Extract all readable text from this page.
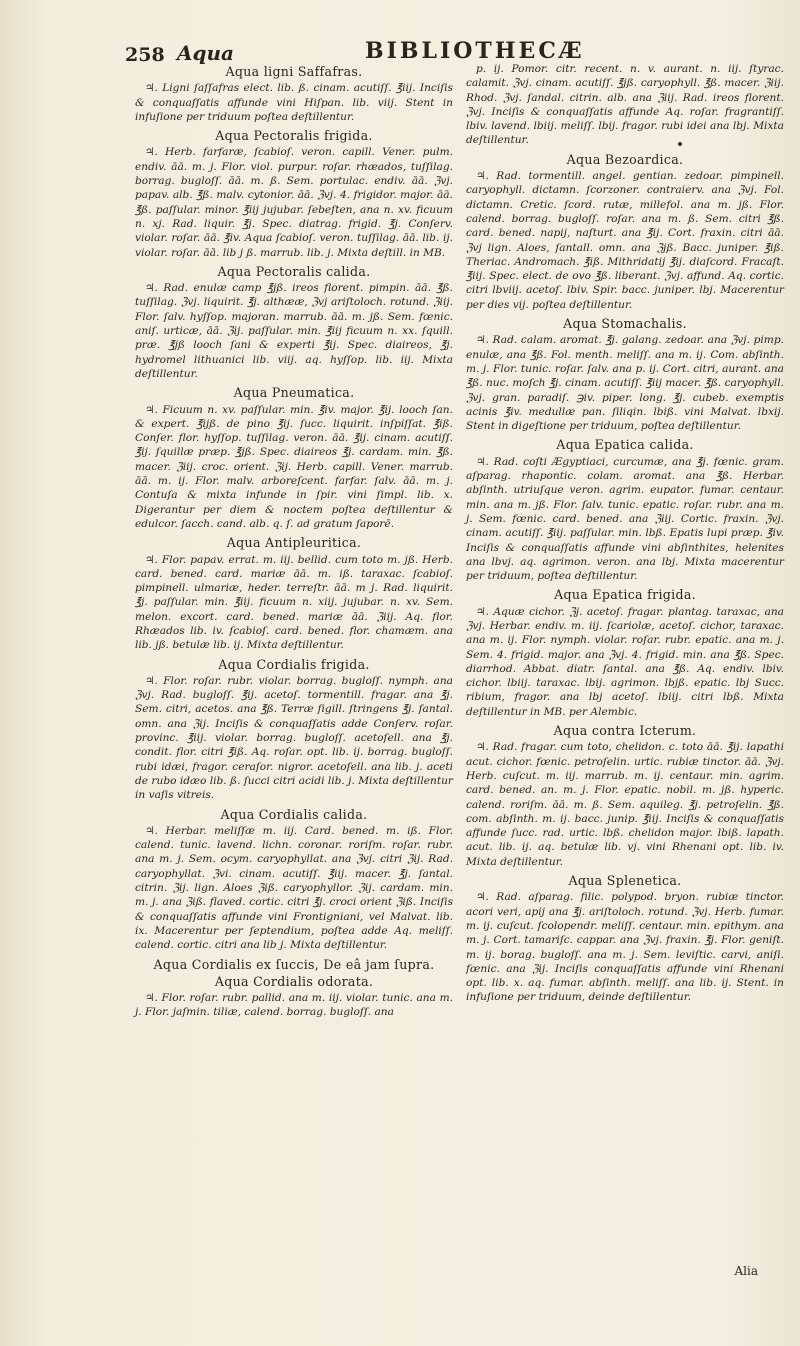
258 Aqua	BIBLIOTHECÆ
Aqua ligni Saffafras.

♃. Ligni ſaſſafras elect. lib. ß. cinam. acutiſſ. ℥iij. Inciſis & conquaſſatis affunde vini Hiſpan. lib. viij. Stent in infuſione per triduum poſtea deſtillentur.

Aqua Pectoralis frigida.

♃. Herb. farfaræ, ſcabioſ. veron. capill. Vener. pulm. endiv. āā. m. j. Flor. viol. purpur. roſar. rhæados, tuſſilag. borrag. bugloſſ. āā. m. ß. Sem. portulac. endiv. āā. ℨvj. papav. alb. ℥ß. malv. cytonior. āā. ℨvj. 4. frigidor. major. āā. ℥ß. paſſular. minor. ℥iij jujubar. ſebeſten, ana n. xv. ficuum n. xj. Rad. liquir. ℥j. Spec. diatrag. frigid. ℥j. Conſerv. violar. roſar. āā. ℥iv. Aqua ſcabioſ. veron. tuſſilag. āā. lib. ij. violar. roſar. āā. lib j ß. marrub. lib. j. Mixta deſtill. in MB.

Aqua Pectoralis calida.

♃. Rad. enulæ camp ℥jß. ireos florent. pimpin. āā. ℥ß. tuſſilag. ℨvj. liquirit. ℥j. althææ, ℨvj ariſtoloch. rotund. ℨiij. Flor. ſalv. hyſſop. majoran. marrub. āā. m. jß. Sem. fœnic. aniſ. urticæ, āā. ℨij. paſſular. min. ℥iij ficuum n. xx. ſquill. præ. ℥jß looch ſani & experti ℥ij. Spec. diaireos, ℥j. hydromel lithuanici lib. viij. aq. hyſſop. lib. iij. Mixta deſtillentur.

Aqua Pneumatica.

♃. Ficuum n. xv. paſſular. min. ℥iv. major. ℥ij. looch ſan. & expert. ℥ijß. de pino ℥ij. ſucc. liquirit. inſpiſſat. ℥iß. Conſer. flor. hyſſop. tuſſilag. veron. āā. ℥ij. cinam. acutiſſ. ℥ij. ſquillæ præp. ℥jß. Spec. diaireos ℥j. cardam. min. ℥ß. macer. ℨiij. croc. orient. ℨij. Herb. capill. Vener. marrub. āā. m. ij. Flor. malv. arboreſcent. farfar. ſalv. āā. m. j. Contuſa & mixta infunde in ſpir. vini ſimpl. lib. x. Digerantur per diem & noctem poſtea deſtillentur & edulcor. ſacch. cand. alb. q. ſ. ad gratum ſaporē.

Aqua Antipleuritica.

♃. Flor. papav. errat. m. iij. bellid. cum toto m. jß. Herb. card. bened. card. mariæ āā. m. iß. taraxac. ſcabioſ. pimpinell. ulmariæ, heder. terreſtr. āā. m j. Rad. liquirit. ℥j. paſſular. min. ℥iij. ficuum n. xiij. jujubar. n. xv. Sem. melon. excort. card. bened. mariæ āā. ℨiij. Aq. flor. Rhæados lib. iv. ſcabioſ. card. bened. flor. chamæm. ana lib. jß. betulæ lib. ij. Mixta deſtillentur.

Aqua Cordialis frigida.

♃. Flor. roſar. rubr. violar. borrag. bugloſſ. nymph. ana ℨvj. Rad. bugloſſ. ℥ij. acetoſ. tormentill. fragar. ana ℥j. Sem. citri, acetos. ana ℥ß. Terræ ſigill. ſtringens ℥j. ſantal. omn. ana ℨij. Inciſis & conquaſſatis adde Conſerv. roſar. provinc. ℥iij. violar. borrag. bugloſſ. acetoſell. ana ℥j. condit. flor. citri ℥iß. Aq. roſar. opt. lib. ij. borrag. bugloſſ. rubi idæi, fragor. ceraſor. nigror. acetoſell. ana lib. j. aceti de rubo idæo lib. ß. ſucci citri acidi lib. j. Mixta deſtillentur in vaſis vitreis.

Aqua Cordialis calida.

♃. Herbar. meliſſæ m. iij. Card. bened. m. iß. Flor. calend. tunic. lavend. lichn. coronar. roriſm. roſar. rubr. ana m. j. Sem. ocym. caryophyllat. ana ℨvj. citri ℨij. Rad. caryophyllat. ℨvi. cinam. acutiſſ. ℥iij. macer. ℥j. ſantal. citrin. ℨij. lign. Aloes ℨiß. caryophyllor. ℨij. cardam. min. m. j. ana ℨiß. flaved. cortic. citri ℥j. croci orient ℨiß. Inciſis & conquaſſatis affunde vini Frontigniani, vel Malvat. lib. ix. Macerentur per ſeptendium, poſtea adde Aq. meliſſ. calend. cortic. citri ana lib j. Mixta deſtillentur.

Aqua Cordialis ex ſuccis, De eâ jam ſupra.
Aqua Cordialis odorata.

♃. Flor. roſar. rubr. pallid. ana m. iij. violar. tunic. ana m. j. Flor. jaſmin. tiliæ, calend. borrag. bugloſſ. ana

p. ij. Pomor. citr. recent. n. v. aurant. n. iij. ſtyrac. calamit. ℨvj. cinam. acutiſſ. ℥jß. caryophyll. ℥ß. macer. ℨiij. Rhod. ℨvj. ſandal. citrin. alb. ana ℨiij. Rad. ireos florent. ℨvj. Inciſis & conquaſſatis affunde Aq. roſar. fragrantiſſ. lbiv. lavend. lbiij. meliſſ. lbij. fragor. rubi idei ana lbj. Mixta deſtillentur.

Aqua Bezoardica.

♃. Rad. tormentill. angel. gentian. zedoar. pimpinell. caryophyll. dictamn. ſcorzoner. contraierv. ana ℨvj. Fol. dictamn. Cretic. ſcord. rutæ, millefol. ana m. jß. Flor. calend. borrag. bugloſſ. roſar. ana m. ß. Sem. citri ℥ß. card. bened. napij, naſturt. ana ℥ij. Cort. fraxin. citri āā. ℨvj lign. Aloes, ſantall. omn. ana ℨjß. Bacc. juniper. ℥iß. Theriac. Andromach. ℥iß. Mithridatij ℥ij. diaſcord. Fracaſt. ℥iij. Spec. elect. de ovo ℥ß. liberant. ℨvj. affund. Aq. cortic. citri lbviij. acetoſ. lbiv. Spir. bacc. juniper. lbj. Macerentur per dies vij. poſtea deſtillentur.

Aqua Stomachalis.

♃. Rad. calam. aromat. ℥j. galang. zedoar. ana ℨvj. pimp. enulæ, ana ℥ß. Fol. menth. meliſſ. ana m. ij. Com. abſinth. m. j. Flor. tunic. roſar. ſalv. ana p. ij. Cort. citri, aurant. ana ℥ß. nuc. moſch ℥j. cinam. acutiſſ. ℥iij macer. ℥ß. caryophyll. ℨvj. gran. paradiſ. ℈iv. piper. long. ℥j. cubeb. exemptis acinis ℥iv. medullæ pan. ſiliqin. lbiß. vini Malvat. lbxij. Stent in digeſtione per triduum, poſtea deſtillentur.

Aqua Epatica calida.

♃. Rad. coſti Ægyptiaci, curcumæ, ana ℥j. fœnic. gram. aſparag. rhapontic. colam. aromat. ana ℥ß. Herbar. abſinth. utriuſque veron. agrim. eupator. fumar. centaur. min. ana m. jß. Flor. ſalv. tunic. epatic. roſar. rubr. ana m. j. Sem. fœnic. card. bened. ana ℨiij. Cortic. fraxin. ℨvj. cinam. acutiſſ. ℥iij. paſſular. min. lbß. Epatis lupi præp. ℥iv. Inciſis & conquaſſatis affunde vini abſinthites, helenites ana lbvj. aq. agrimon. veron. ana lbj. Mixta macerentur per triduum, poſtea deſtillentur.

Aqua Epatica frigida.

♃. Aquæ cichor. ℨj. acetoſ. fragar. plantag. taraxac, ana ℨvj. Herbar. endiv. m. iij. ſcariolæ, acetoſ. cichor, taraxac. ana m. ij. Flor. nymph. violar. roſar. rubr. epatic. ana m. j. Sem. 4. frigid. major. ana ℨvj. 4. frigid. min. ana ℥ß. Spec. diarrhod. Abbat. diatr. ſantal. ana ℥ß. Aq. endiv. lbiv. cichor. lbiij. taraxac. lbij. agrimon. lbjß. epatic. lbj Succ. ribium, fragor. ana lbj acetoſ. lbiij. citri lbß. Mixta deſtillentur in MB. per Alembic.

Aqua contra Icterum.

♃. Rad. fragar. cum toto, chelidon. c. toto āā. ℥ij. lapathi acut. cichor. fœnic. petroſelin. urtic. rubiæ tinctor. āā. ℨvj. Herb. cuſcut. m. iij. marrub. m. ij. centaur. min. agrim. card. bened. an. m. j. Flor. epatic. nobil. m. jß. hyperic. calend. roriſm. āā. m. ß. Sem. aquileg. ℥j. petroſelin. ℥ß. com. abſinth. m. ij. bacc. junip. ℥iij. Inciſis & conquaſſatis affunde ſucc. rad. urtic. lbß. chelidon major. lbiß. lapath. acut. lib. ij. aq. betulæ lib. vj. vini Rhenani opt. lib. iv. Mixta deſtillentur.

Aqua Splenetica.

♃. Rad. aſparag. filic. polypod. bryon. rubiæ tinctor. acori veri, apij ana ℥j. ariſtoloch. rotund. ℨvj. Herb. fumar. m. ij. cuſcut. ſcolopendr. meliſſ. centaur. min. epithym. ana m. j. Cort. tamariſc. cappar. ana ℨvj. fraxin. ℥j. Flor. geniſt. m. ij. borag. bugloſſ. ana m. j. Sem. leviſtic. carvi, aniſi. fœnic. ana ℨij. Inciſis conquaſſatis affunde vini Rhenani opt. lib. x. aq. fumar. abſinth. meliſſ. ana lib. ij. Stent. in infuſione per triduum, deinde deſtillentur.

Alia
